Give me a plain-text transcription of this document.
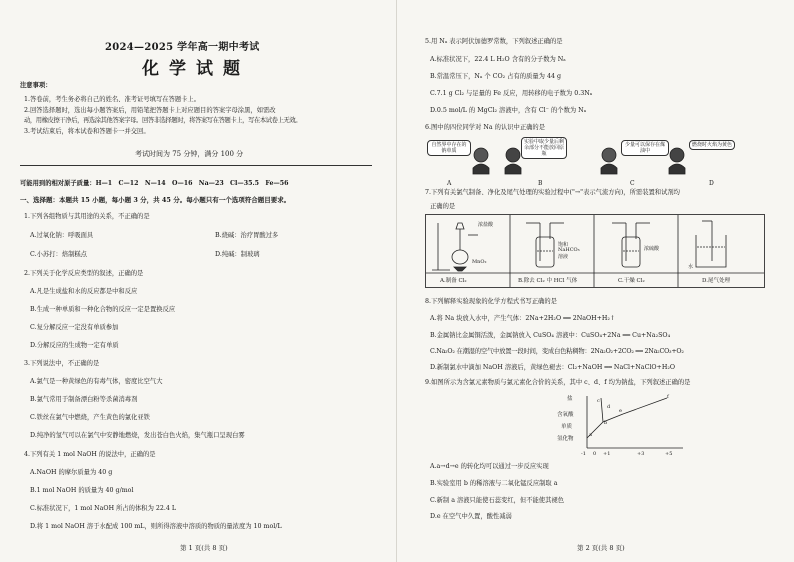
2024—2025 学年高一期中考试
化学试题
注意事项：
1.答卷前，考生务必将自己的姓名、准考证号填写在答题卡上。
2.回答选择题时，选出每小题答案后，用铅笔把答题卡上对应题目的答案字母涂黑，如需改
动，用橡皮擦干净后，再选涂其他答案字母。回答非选择题时，将答案写在答题卡上，写在本试卷上无效。
3.考试结束后，将本试卷和答题卡一并交回。
考试时间为 75 分钟，满分 100 分
可能用到的相对原子质量：H—1　C—12　N—14　O—16　Na—23　Cl—35.5　Fe—56
一、选择题：本题共 15 小题，每小题 3 分，共 45 分。每小题只有一个选项符合题目要求。
1.下列各组物质与其用途的关系，不正确的是
A.过氧化钠：呼吸面具	B.烧碱：治疗胃酸过多
C.小苏打：焙制糕点	D.纯碱：制玻璃
2.下列关于化学反应类型的叙述，正确的是
A.凡是生成盐和水的反应都是中和反应
B.生成一种单质和一种化合物的反应一定是置换反应
C.复分解反应一定没有单质参加
D.分解反应的生成物一定有单质
3.下列说法中，不正确的是
A.氯气是一种黄绿色的有毒气体，密度比空气大
B.氯气常用于制备漂白粉等杀菌消毒剂
C.铁丝在氯气中燃烧，产生黄色的氯化亚铁
D.纯净的氢气可以在氯气中安静地燃烧，发出苍白色火焰，集气瓶口呈现白雾
4.下列有关 1 mol NaOH 的说法中，正确的是
A.NaOH 的摩尔质量为 40 g
B.1 mol NaOH 的质量为 40 g/mol
C.标准状况下，1 mol NaOH 所占的体积为 22.4 L
D.将 1 mol NaOH 溶于水配成 100 mL，则所得溶液中溶质的物质的量浓度为 10 mol/L
第 1 页(共 8 页)
5.用 Nₐ 表示阿伏加德罗常数，下列叙述正确的是
A.标准状况下，22.4 L H₂O 含有的分子数为 Nₐ
B.常温常压下，Nₐ 个 CO₂ 占有的质量为 44 g
C.7.1 g Cl₂ 与足量的 Fe 反应，用转移的电子数为 0.3Nₐ
D.0.5 mol/L 的 MgCl₂ 溶液中，含有 Cl⁻ 的个数为 Nₐ
6.图中的四位同学对 Na 的认识中正确的是
自然界中存在的钠单质
实验中取少量后剩余部分不能放回原瓶
少量可以保存在煤油中
燃烧时火焰为黄色
A	B	C	D
7.下列有关氯气制备、净化及尾气处理的实验过程中("→"表示气流方向)，所需装置和试剂均
正确的是
浓盐酸
MnO₂
饱和
NaHCO₃
溶液
浓硫酸
水
A.制备 Cl₂	B.除去 Cl₂ 中 HCl 气体	C.干燥 Cl₂	D.尾气处理
8.下列解释实验现象的化学方程式书写正确的是
A.将 Na 块放入水中，产生气体：2Na+2H₂O ══ 2NaOH+H₂↑
B.金属钠比金属铜活泼，金属钠放入 CuSO₄ 溶液中：CuSO₄+2Na ══ Cu+Na₂SO₄
C.Na₂O₂ 在潮湿的空气中放置一段时间，变成白色粘稠物：2Na₂O₂+2CO₂ ══ 2Na₂CO₃+O₂
D.新制氯水中滴加 NaOH 溶液后，黄绿色褪去：Cl₂+NaOH ══ NaCl+NaClO+H₂O
9.如图所示为含氯元素物质与氯元素化合价的关系，其中 c、d、f 均为钠盐，下列叙述正确的是
盐
含氧酸
单质
氢化物
a
b
c
d
e
f
-1 0 +1	+3	+5
A.a→d→e 的转化均可以通过一步反应实现
B.实验室用 b 的稀溶液与二氧化锰反应制取 a
C.新制 a 溶液只能使石蕊变红，但不能使其褪色
D.e 在空气中久置，酸性减弱
第 2 页(共 8 页)
